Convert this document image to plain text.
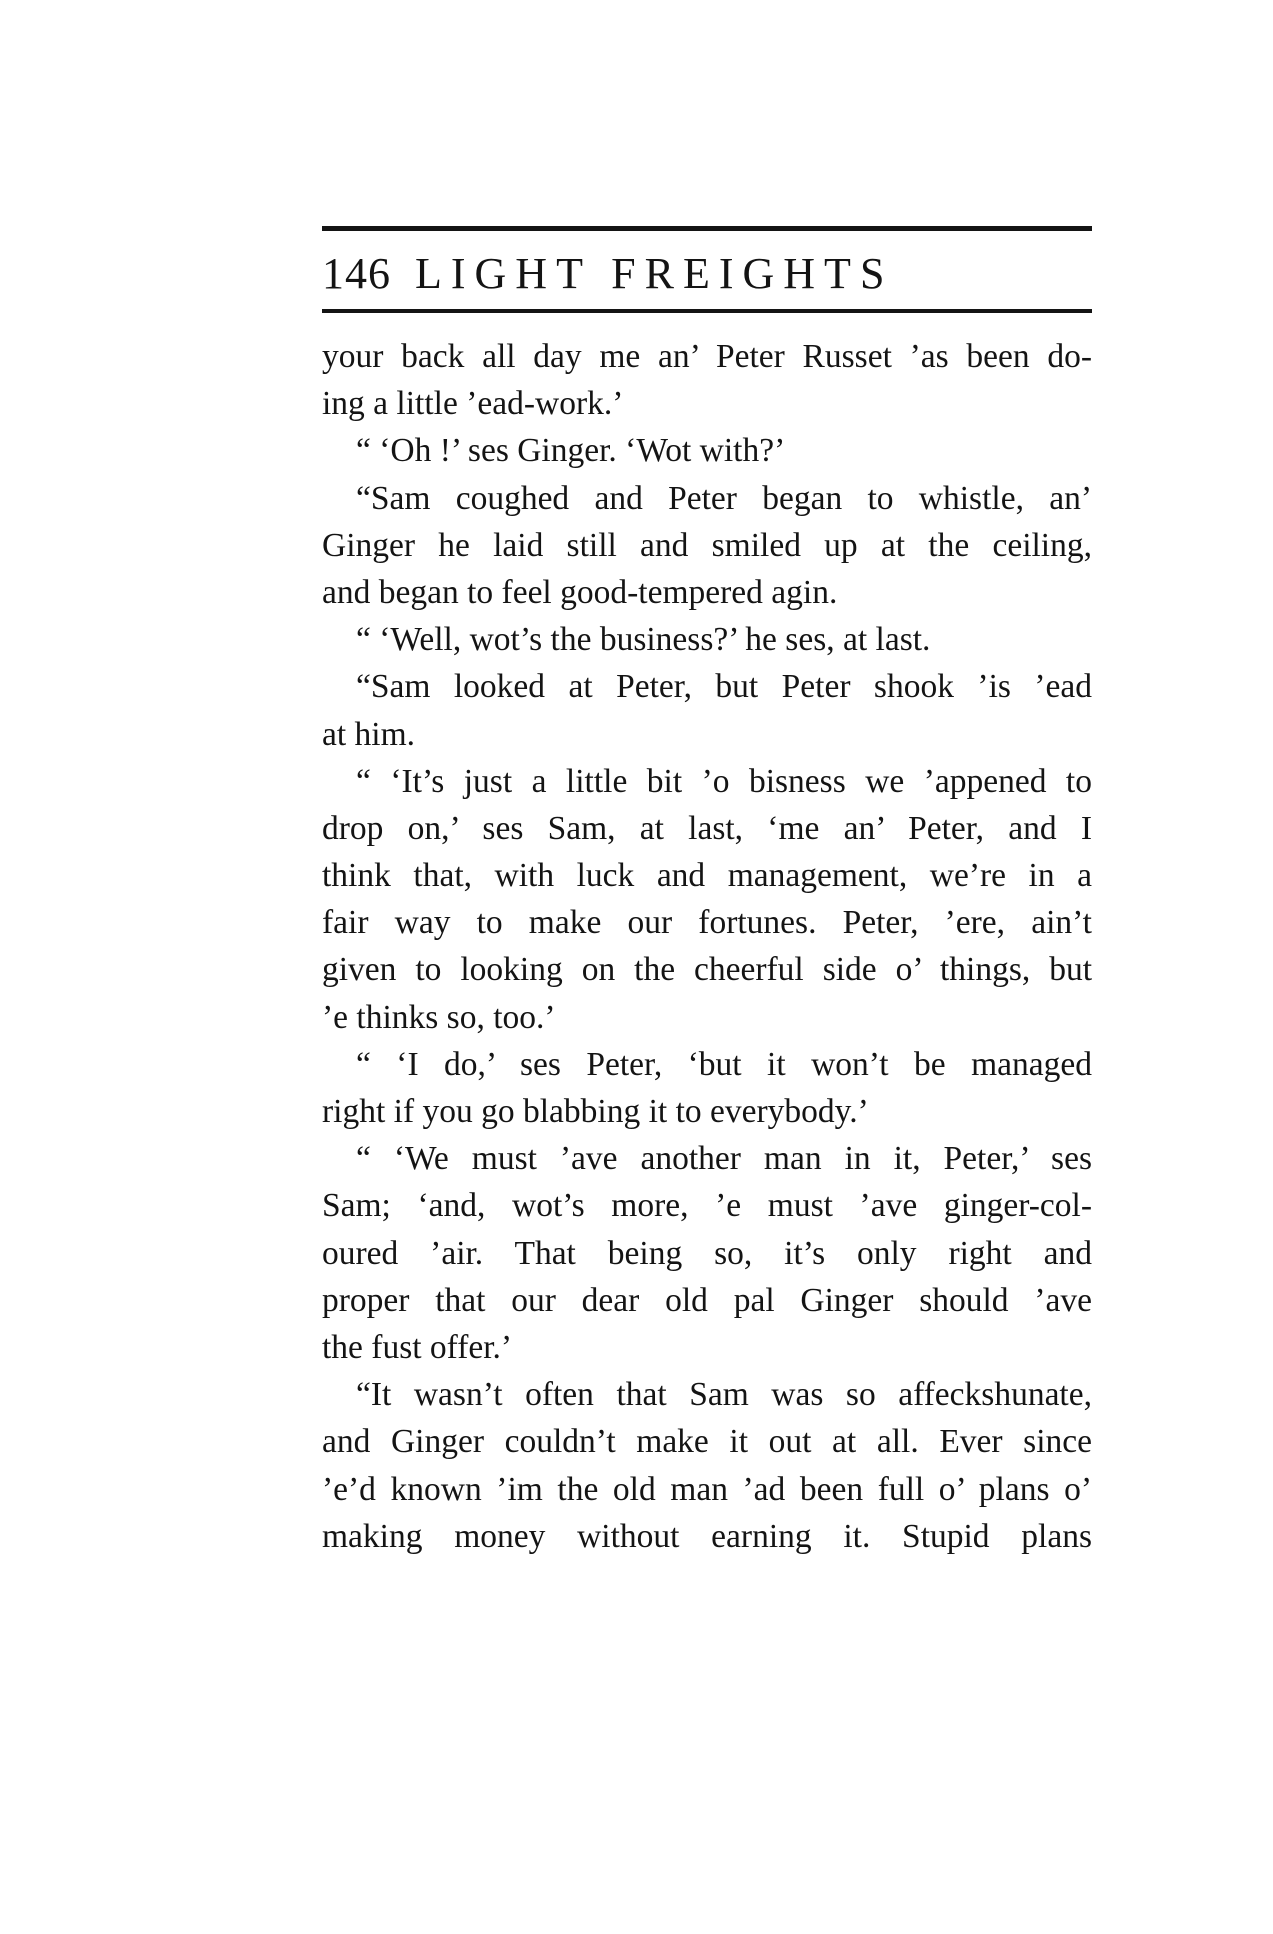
146 LIGHT FREIGHTS
your back all day me an’ Peter Russet ’as been do-
ing a little ’ead-work.’
“ ‘Oh !’ ses Ginger. ‘Wot with?’
“Sam coughed and Peter began to whistle, an’
Ginger he laid still and smiled up at the ceiling,
and began to feel good-tempered agin.
“ ‘Well, wot’s the business?’ he ses, at last.
“Sam looked at Peter, but Peter shook ’is ’ead
at him.
“ ‘It’s just a little bit ’o bisness we ’appened to
drop on,’ ses Sam, at last, ‘me an’ Peter, and I
think that, with luck and management, we’re in a
fair way to make our fortunes. Peter, ’ere, ain’t
given to looking on the cheerful side o’ things, but
’e thinks so, too.’
“ ‘I do,’ ses Peter, ‘but it won’t be managed
right if you go blabbing it to everybody.’
“ ‘We must ’ave another man in it, Peter,’ ses
Sam; ‘and, wot’s more, ’e must ’ave ginger-col-
oured ’air. That being so, it’s only right and
proper that our dear old pal Ginger should ’ave
the fust offer.’
“It wasn’t often that Sam was so affeckshunate,
and Ginger couldn’t make it out at all. Ever since
’e’d known ’im the old man ’ad been full o’ plans o’
making money without earning it. Stupid plans
